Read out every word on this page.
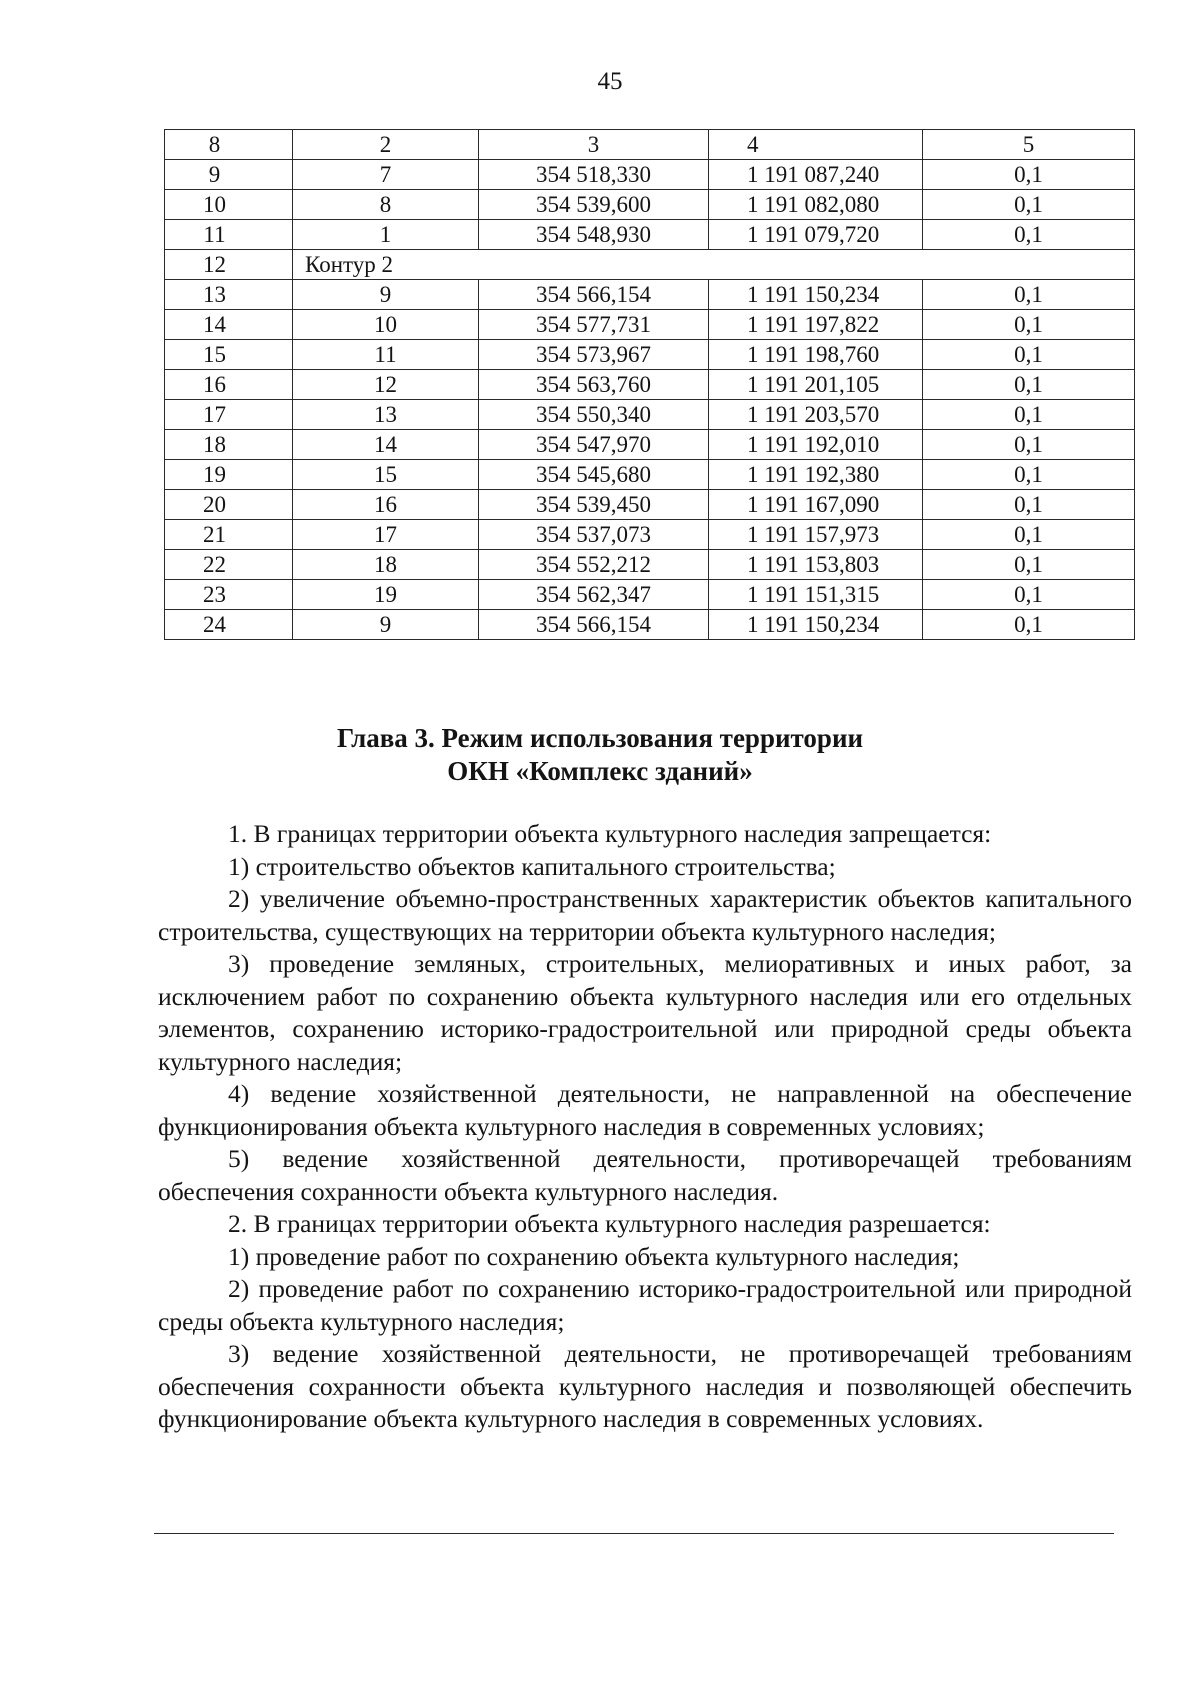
45
8	2	3	4	5
9	7	354 518,330	1 191 087,240	0,1
10	8	354 539,600	1 191 082,080	0,1
11	1	354 548,930	1 191 079,720	0,1
12	Контур 2			
13	9	354 566,154	1 191 150,234	0,1
14	10	354 577,731	1 191 197,822	0,1
15	11	354 573,967	1 191 198,760	0,1
16	12	354 563,760	1 191 201,105	0,1
17	13	354 550,340	1 191 203,570	0,1
18	14	354 547,970	1 191 192,010	0,1
19	15	354 545,680	1 191 192,380	0,1
20	16	354 539,450	1 191 167,090	0,1
21	17	354 537,073	1 191 157,973	0,1
22	18	354 552,212	1 191 153,803	0,1
23	19	354 562,347	1 191 151,315	0,1
24	9	354 566,154	1 191 150,234	0,1
Глава 3. Режим использования территории
ОКН «Комплекс зданий»

1. В границах территории объекта культурного наследия запрещается:

1) строительство объектов капитального строительства;

2) увеличение объемно-пространственных характеристик объектов капитального строительства, существующих на территории объекта культурного наследия;

3) проведение земляных, строительных, мелиоративных и иных работ, за исключением работ по сохранению объекта культурного наследия или его отдельных элементов, сохранению историко-градостроительной или природной среды объекта культурного наследия;

4) ведение хозяйственной деятельности, не направленной на обеспечение функционирования объекта культурного наследия в современных условиях;

5) ведение хозяйственной деятельности, противоречащей требованиям обеспечения сохранности объекта культурного наследия.

2. В границах территории объекта культурного наследия разрешается:

1) проведение работ по сохранению объекта культурного наследия;

2) проведение работ по сохранению историко-градостроительной или природной среды объекта культурного наследия;

3) ведение хозяйственной деятельности, не противоречащей требованиям обеспечения сохранности объекта культурного наследия и позволяющей обеспечить функционирование объекта культурного наследия в современных условиях.
